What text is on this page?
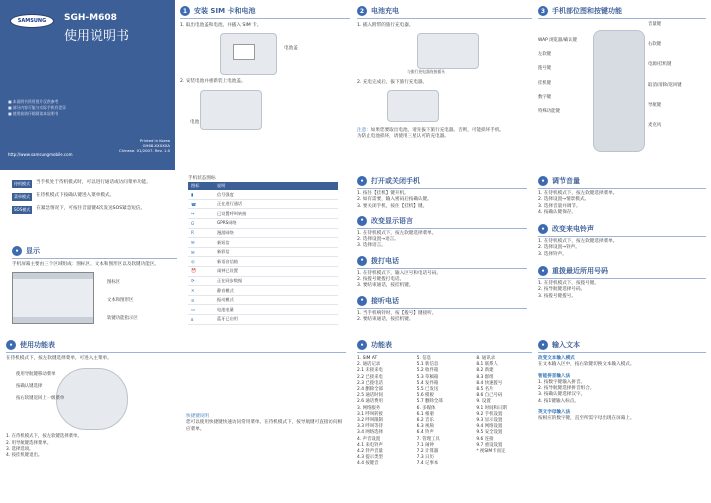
SAMSUNG SGH-M608
使用说明书
■ 本说明书所用图片仅供参考
■ 部分内容可能与实际手机有差异
■ 使用前请仔细阅读本说明书
http://www.samsungmobile.com
Printed in Korea
GH68-XXXXXA
Chinese. 01/2007. Rev. 1.0
1 安装 SIM 卡和电池
1. 取出电池盖和电池，并插入 SIM 卡。
电池盖
2. 安装电池并重新装上电池盖。
电池
2 电池充电
1. 插入附带的旅行充电器。
与旅行充电器连接插头
2. 充电完成后，拔下旅行充电器。
注意：如果您要取出电池，请先拔下旅行充电器。否则，可能损坏手机。
为防止电池损坏，请使用三星认可的充电器。
3 手机部位图和按键功能
WAP 浏览器/确认键
左软键
拨号键
挂机键
数字键
特殊功能键
音量键
右软键
电源/挂机键
取消/清除/返回键
导航键
麦克风
待机模式	当手机处于待机模式时，可以进行通话或访问菜单功能。
菜单模式	在待机模式下按确认键进入菜单模式。
SOS模式	在紧急情况下，可按住音量键4次发送SOS紧急短信。
•	显示
手机屏幕主要由三个区域组成：图标区、文本和图形区以及软键功能区。
图标区
文本和图形区
软键功能指示区
手机状态图标
图标	说明
▮	信号强度
☎	正在进行通话
↪	已设置呼叫转接
G	GPRS网络
R	漫游网络
✉	新短信
✉	新彩信
◎	新语音信箱
⏰	闹钟已设置
⟳	正在同步数据
✕	静音模式
≋	振动模式
▭	电池电量
ʙ	蓝牙已启用
•	打开或关闭手机
1. 按住【挂机】键开机。
2. 如有需要，输入密码后按确认键。
3. 要关闭手机，按住【挂机】键。
•	改变显示语言
1. 在待机模式下，按左软键选择菜单。
2. 选择设置→语言。
3. 选择语言。
•	拨打电话
1. 在待机模式下，输入区号和电话号码。
2. 按拨号键拨打电话。
3. 要结束通话，按挂机键。
•	接听电话
1. 当手机响铃时，按【拨号】键接听。
2. 要结束通话，按挂机键。
•	调节音量
1. 在待机模式下，按左软键选择菜单。
2. 选择设置→情景模式。
3. 选择音量并调节。
4. 按确认键保存。
•	改变来电铃声
1. 在待机模式下，按左软键选择菜单。
2. 选择设置→铃声。
3. 选择铃声。
•	重拨最近所用号码
1. 在待机模式下，按拨号键。
2. 按导航键选择号码。
3. 按拨号键拨号。
•	使用功能表
在待机模式下，按左软键选择菜单，可进入主菜单。
使用导航键移动菜单
按确认键选择
按右软键返回上一级菜单
1. 在待机模式下，按左软键选择菜单。
2. 用导航键选择菜单。
3. 选择选项。
4. 按挂机键退出。
快捷键说明
您可以使用快捷键快速访问常用菜单。在待机模式下，按导航键可直接访问相应菜单。
•	功能表
1. SIM AT
2. 通话记录
2.1 未接来电
2.2 已接来电
2.3 已拨电话
2.4 删除全部
2.5 通话时间
2.6 通话费用
3. 网络服务
3.1 呼叫转接
3.2 呼叫限制
3.3 呼叫等待
3.4 网络选择
4. 声音设置
4.1 来电铃声
4.2 铃声音量
4.3 提示类型
4.4 按键音
5. 信息
5.1 新信息
5.2 收件箱
5.3 草稿箱
5.4 发件箱
5.5 已发送
5.6 模板
5.7 删除全部
6. 多媒体
6.1 相册
6.2 音乐
6.3 视频
6.4 铃声
7. 管理工具
7.1 闹钟
7.2 计算器
7.3 日历
7.4 记事本
8. 通讯录
8.1 联系人
8.2 新建
8.3 群组
8.4 快速拨号
8.5 名片
8.6 自己号码
9. 设置
9.1 时间和日期
9.2 手机设置
9.3 显示设置
9.4 网络设置
9.5 安全设置
9.6 连接
9.7 重设设置
* 视SIM卡而定
•	输入文本
改变文本输入模式
在文本输入区中，按右软键切换文本输入模式。
智能拼音输入法
1. 按数字键输入拼音。
2. 按导航键选择拼音组合。
3. 按确认键选择汉字。
4. 按1键输入标点。
英文字母输入法
按相应的数字键，直至所需字母出现在屏幕上。
